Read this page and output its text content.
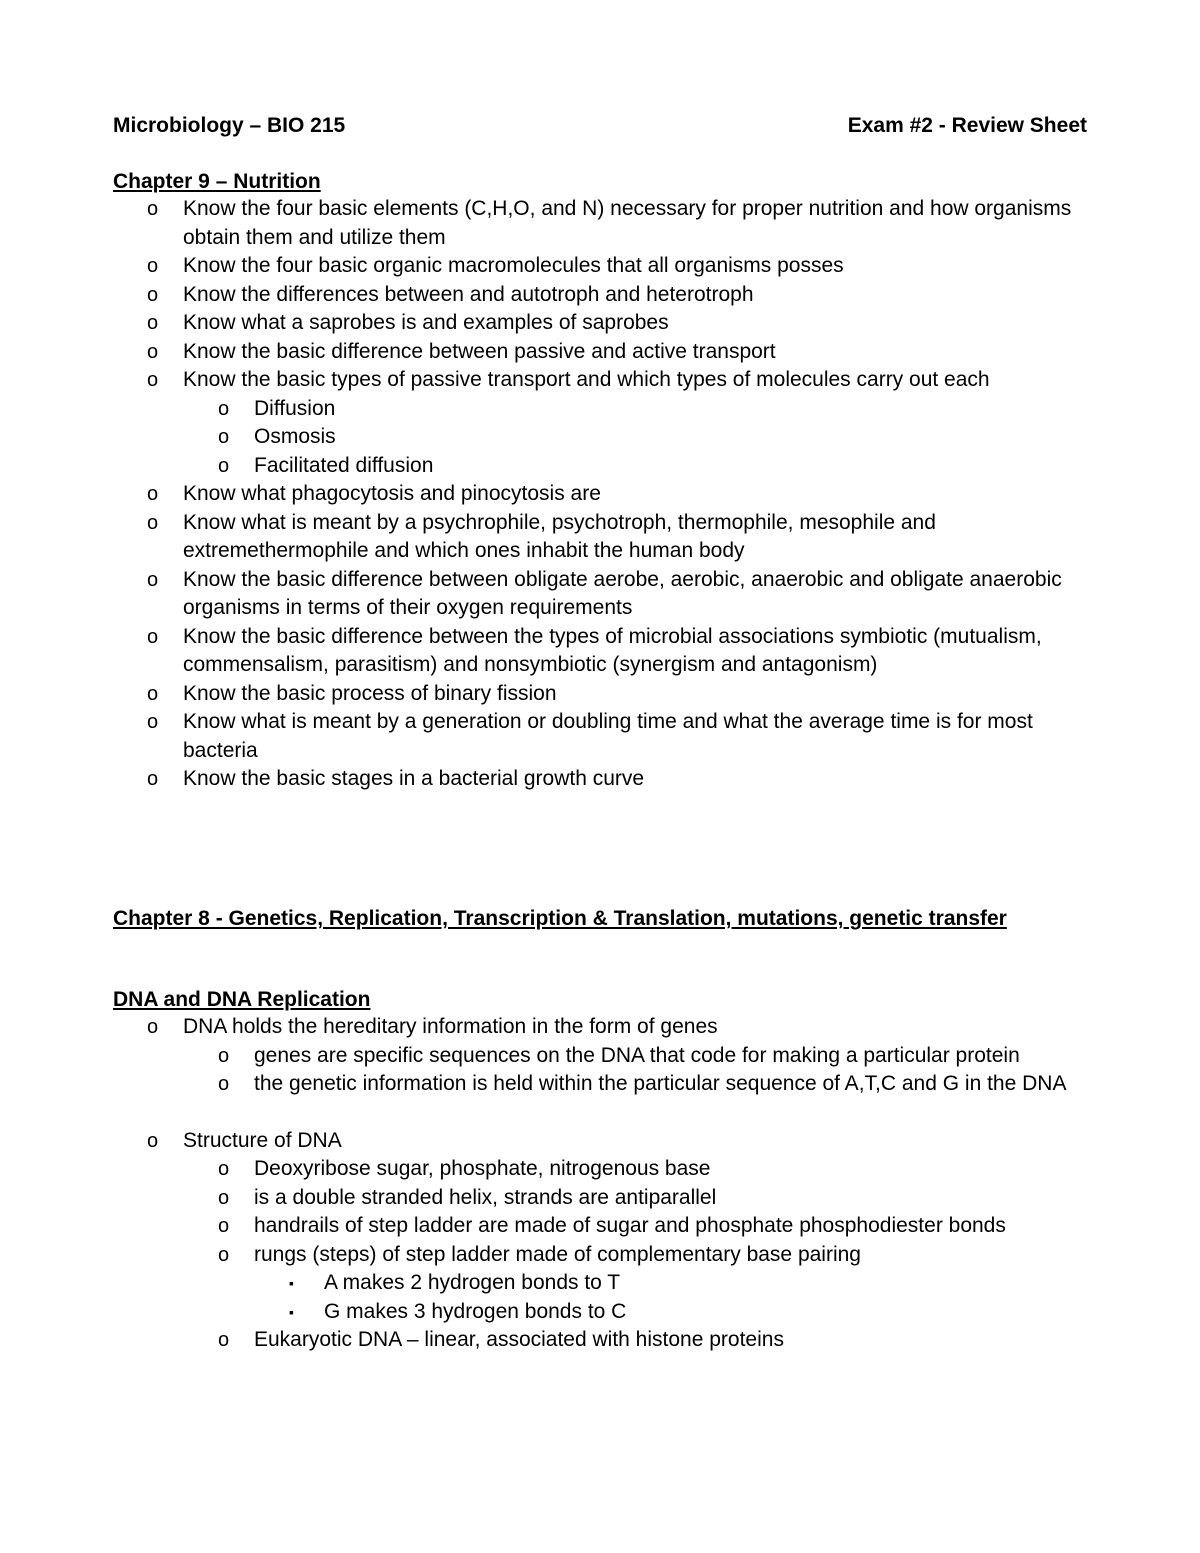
Microbiology – BIO 215	Exam #2 - Review Sheet
Chapter 9 – Nutrition
o Know the four basic elements (C,H,O, and N) necessary for proper nutrition and how organisms obtain them and utilize them
o Know the four basic organic macromolecules that all organisms posses
o Know the differences between and autotroph and heterotroph
o Know what a saprobes is and examples of saprobes
o Know the basic difference between passive and active transport
o Know the basic types of passive transport and which types of molecules carry out each
o Diffusion
o Osmosis
o Facilitated diffusion
o Know what phagocytosis and pinocytosis are
o Know what is meant by a psychrophile, psychotroph, thermophile, mesophile and extremethermophile and which ones inhabit the human body
o Know the basic difference between obligate aerobe, aerobic, anaerobic and obligate anaerobic organisms in terms of their oxygen requirements
o Know the basic difference between the types of microbial associations symbiotic (mutualism, commensalism, parasitism) and nonsymbiotic (synergism and antagonism)
o Know the basic process of binary fission
o Know what is meant by a generation or doubling time and what the average time is for most bacteria
o Know the basic stages in a bacterial growth curve
Chapter 8 - Genetics, Replication, Transcription & Translation, mutations, genetic transfer
DNA and DNA Replication
o DNA holds the hereditary information in the form of genes
o genes are specific sequences on the DNA that code for making a particular protein
o the genetic information is held within the particular sequence of A,T,C and G in the DNA
o Structure of DNA
o Deoxyribose sugar, phosphate, nitrogenous base
o is a double stranded helix, strands are antiparallel
o handrails of step ladder are made of sugar and phosphate phosphodiester bonds
o rungs (steps) of step ladder made of complementary base pairing
▪ A makes 2 hydrogen bonds to T
▪ G makes 3 hydrogen bonds to C
o Eukaryotic DNA – linear, associated with histone proteins
